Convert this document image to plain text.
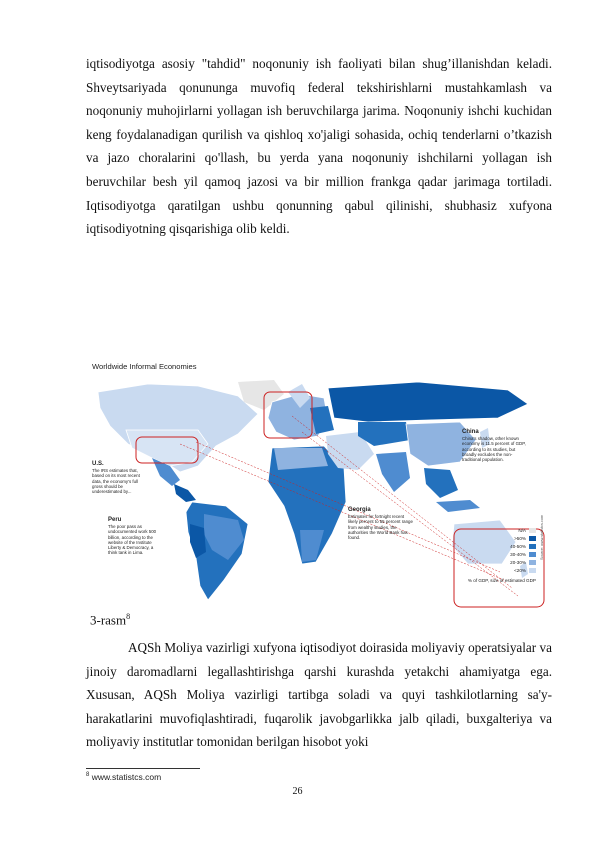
iqtisodiyotga asosiy "tahdid" noqonuniy ish faoliyati bilan shug’illanishdan keladi. Shveytsariyada qonununga muvofiq federal tekshirishlarni mustahkamlash va noqonuniy muhojirlarni yollagan ish beruvchilarga jarima. Noqonuniy ishchi kuchidan keng foydalanadigan qurilish va qishloq xo'jaligi sohasida, ochiq tenderlarni o’tkazish va jazo choralarini qo'llash, bu yerda yana noqonuniy ishchilarni yollagan ish beruvchilar besh yil qamoq jazosi va bir million frankga qadar jarimaga tortiladi. Iqtisodiyotga qaratilgan ushbu qonunning qabul qilinishi, shubhasiz xufyona iqtisodiyotning qisqarishiga olib keldi.

Worldwide Informal Economies
U.S.
The IRS estimates that, based on its most recent data, the economy's full gross should be underestimated by...
Peru
The poor pass as undocumented work 500 billion, according to the website of the Institute Liberty & Democracy, a think tank in Lima.
Georgia
Estimates for fortnight recent likely percent to 55 percent range from wealthy studies, the authorities the World Bank has found.
China
China's shadow, other known economy is 11.5 percent of GDP, according to its studies, but broadly excludes the non-traditional population.
N/A
>50%
40-50%
30-40%
20-30%
<20%
% of GDP, size of estimated GDP
Source: www.statistcs.com
3-rasm$^8$

AQSh Moliya vazirligi xufyona iqtisodiyot doirasida moliyaviy operatsiyalar va jinoiy daromadlarni legallashtirishga qarshi kurashda yetakchi ahamiyatga ega. Xususan, AQSh Moliya vazirligi tartibga soladi va quyi tashkilotlarning sa'y-harakatlarini muvofiqlashtiradi, fuqarolik javobgarlikka jalb qiladi, buxgalteriya va moliyaviy institutlar tomonidan berilgan hisobot yoki

$^8$ www.statistcs.com
26
